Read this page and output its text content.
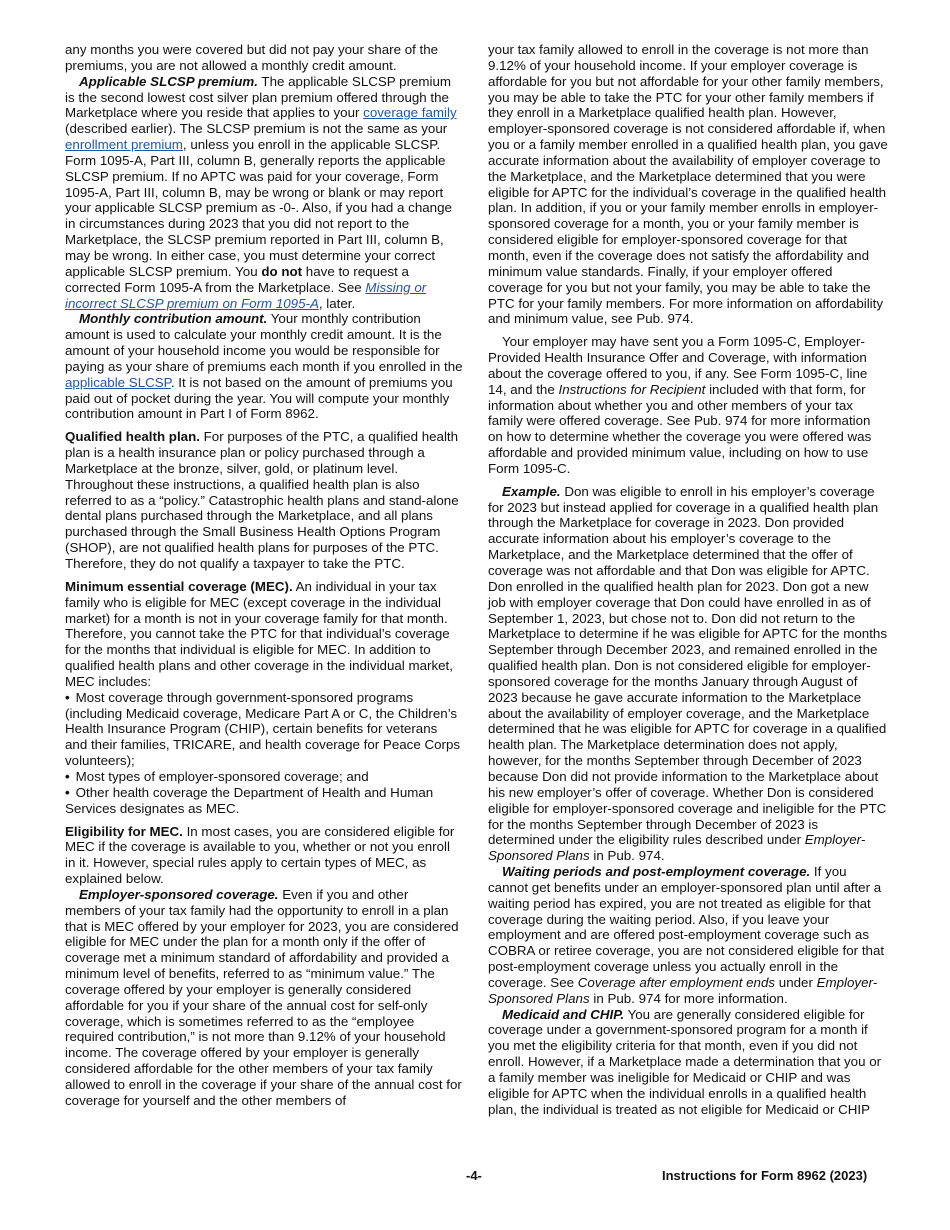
any months you were covered but did not pay your share of the premiums, you are not allowed a monthly credit amount.

Applicable SLCSP premium. The applicable SLCSP premium is the second lowest cost silver plan premium offered through the Marketplace where you reside that applies to your coverage family (described earlier). The SLCSP premium is not the same as your enrollment premium, unless you enroll in the applicable SLCSP. Form 1095-A, Part III, column B, generally reports the applicable SLCSP premium. If no APTC was paid for your coverage, Form 1095-A, Part III, column B, may be wrong or blank or may report your applicable SLCSP premium as -0-. Also, if you had a change in circumstances during 2023 that you did not report to the Marketplace, the SLCSP premium reported in Part III, column B, may be wrong. In either case, you must determine your correct applicable SLCSP premium. You do not have to request a corrected Form 1095-A from the Marketplace. See Missing or incorrect SLCSP premium on Form 1095-A, later.

Monthly contribution amount. Your monthly contribution amount is used to calculate your monthly credit amount. It is the amount of your household income you would be responsible for paying as your share of premiums each month if you enrolled in the applicable SLCSP. It is not based on the amount of premiums you paid out of pocket during the year. You will compute your monthly contribution amount in Part I of Form 8962.

Qualified health plan. For purposes of the PTC, a qualified health plan is a health insurance plan or policy purchased through a Marketplace at the bronze, silver, gold, or platinum level. Throughout these instructions, a qualified health plan is also referred to as a “policy.” Catastrophic health plans and stand-alone dental plans purchased through the Marketplace, and all plans purchased through the Small Business Health Options Program (SHOP), are not qualified health plans for purposes of the PTC. Therefore, they do not qualify a taxpayer to take the PTC.

Minimum essential coverage (MEC). An individual in your tax family who is eligible for MEC (except coverage in the individual market) for a month is not in your coverage family for that month. Therefore, you cannot take the PTC for that individual’s coverage for the months that individual is eligible for MEC. In addition to qualified health plans and other coverage in the individual market, MEC includes:

• Most coverage through government-sponsored programs (including Medicaid coverage, Medicare Part A or C, the Children’s Health Insurance Program (CHIP), certain benefits for veterans and their families, TRICARE, and health coverage for Peace Corps volunteers);
• Most types of employer-sponsored coverage; and
• Other health coverage the Department of Health and Human Services designates as MEC.

Eligibility for MEC. In most cases, you are considered eligible for MEC if the coverage is available to you, whether or not you enroll in it. However, special rules apply to certain types of MEC, as explained below.

Employer-sponsored coverage. Even if you and other members of your tax family had the opportunity to enroll in a plan that is MEC offered by your employer for 2023, you are considered eligible for MEC under the plan for a month only if the offer of coverage met a minimum standard of affordability and provided a minimum level of benefits, referred to as “minimum value.” The coverage offered by your employer is generally considered affordable for you if your share of the annual cost for self-only coverage, which is sometimes referred to as the “employee required contribution,” is not more than 9.12% of your household income. The coverage offered by your employer is generally considered affordable for the other members of your tax family allowed to enroll in the coverage if your share of the annual cost for coverage for yourself and the other members of

your tax family allowed to enroll in the coverage is not more than 9.12% of your household income. If your employer coverage is affordable for you but not affordable for your other family members, you may be able to take the PTC for your other family members if they enroll in a Marketplace qualified health plan. However, employer-sponsored coverage is not considered affordable if, when you or a family member enrolled in a qualified health plan, you gave accurate information about the availability of employer coverage to the Marketplace, and the Marketplace determined that you were eligible for APTC for the individual’s coverage in the qualified health plan. In addition, if you or your family member enrolls in employer-sponsored coverage for a month, you or your family member is considered eligible for employer-sponsored coverage for that month, even if the coverage does not satisfy the affordability and minimum value standards. Finally, if your employer offered coverage for you but not your family, you may be able to take the PTC for your family members. For more information on affordability and minimum value, see Pub. 974.

Your employer may have sent you a Form 1095-C, Employer-Provided Health Insurance Offer and Coverage, with information about the coverage offered to you, if any. See Form 1095-C, line 14, and the Instructions for Recipient included with that form, for information about whether you and other members of your tax family were offered coverage. See Pub. 974 for more information on how to determine whether the coverage you were offered was affordable and provided minimum value, including on how to use Form 1095-C.

Example. Don was eligible to enroll in his employer’s coverage for 2023 but instead applied for coverage in a qualified health plan through the Marketplace for coverage in 2023. Don provided accurate information about his employer’s coverage to the Marketplace, and the Marketplace determined that the offer of coverage was not affordable and that Don was eligible for APTC. Don enrolled in the qualified health plan for 2023. Don got a new job with employer coverage that Don could have enrolled in as of September 1, 2023, but chose not to. Don did not return to the Marketplace to determine if he was eligible for APTC for the months September through December 2023, and remained enrolled in the qualified health plan. Don is not considered eligible for employer-sponsored coverage for the months January through August of 2023 because he gave accurate information to the Marketplace about the availability of employer coverage, and the Marketplace determined that he was eligible for APTC for coverage in a qualified health plan. The Marketplace determination does not apply, however, for the months September through December of 2023 because Don did not provide information to the Marketplace about his new employer’s offer of coverage. Whether Don is considered eligible for employer-sponsored coverage and ineligible for the PTC for the months September through December of 2023 is determined under the eligibility rules described under Employer-Sponsored Plans in Pub. 974.

Waiting periods and post-employment coverage. If you cannot get benefits under an employer-sponsored plan until after a waiting period has expired, you are not treated as eligible for that coverage during the waiting period. Also, if you leave your employment and are offered post-employment coverage such as COBRA or retiree coverage, you are not considered eligible for that post-employment coverage unless you actually enroll in the coverage. See Coverage after employment ends under Employer-Sponsored Plans in Pub. 974 for more information.

Medicaid and CHIP. You are generally considered eligible for coverage under a government-sponsored program for a month if you met the eligibility criteria for that month, even if you did not enroll. However, if a Marketplace made a determination that you or a family member was ineligible for Medicaid or CHIP and was eligible for APTC when the individual enrolls in a qualified health plan, the individual is treated as not eligible for Medicaid or CHIP

-4-	Instructions for Form 8962 (2023)
